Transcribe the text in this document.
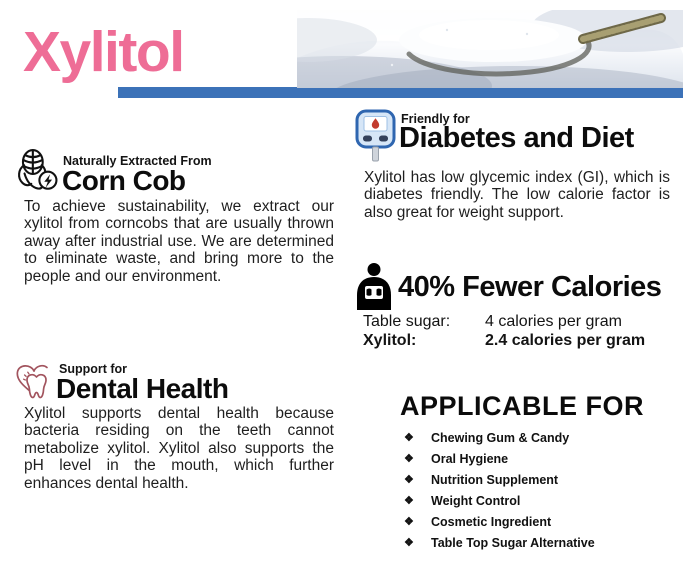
Xylitol
Naturally Extracted From
Corn Cob
To achieve sustainability, we extract our xylitol from corncobs that are usually thrown away after industrial use. We are determined to eliminate waste, and bring more to the people and our environment.
Support for
Dental Health
Xylitol supports dental health because bacteria residing on the teeth cannot metabolize xylitol. Xylitol also supports the pH level in the mouth, which further enhances dental health.
Friendly for
Diabetes and Diet
Xylitol has low glycemic index (GI), which is diabetes friendly. The low calorie factor is also great for weight support.
40% Fewer Calories
Table sugar:	4 calories per gram
Xylitol:	2.4 calories per gram
APPLICABLE FOR
❖	Chewing Gum & Candy
❖	Oral Hygiene
❖	Nutrition Supplement
❖	Weight Control
❖	Cosmetic Ingredient
❖	Table Top Sugar Alternative
